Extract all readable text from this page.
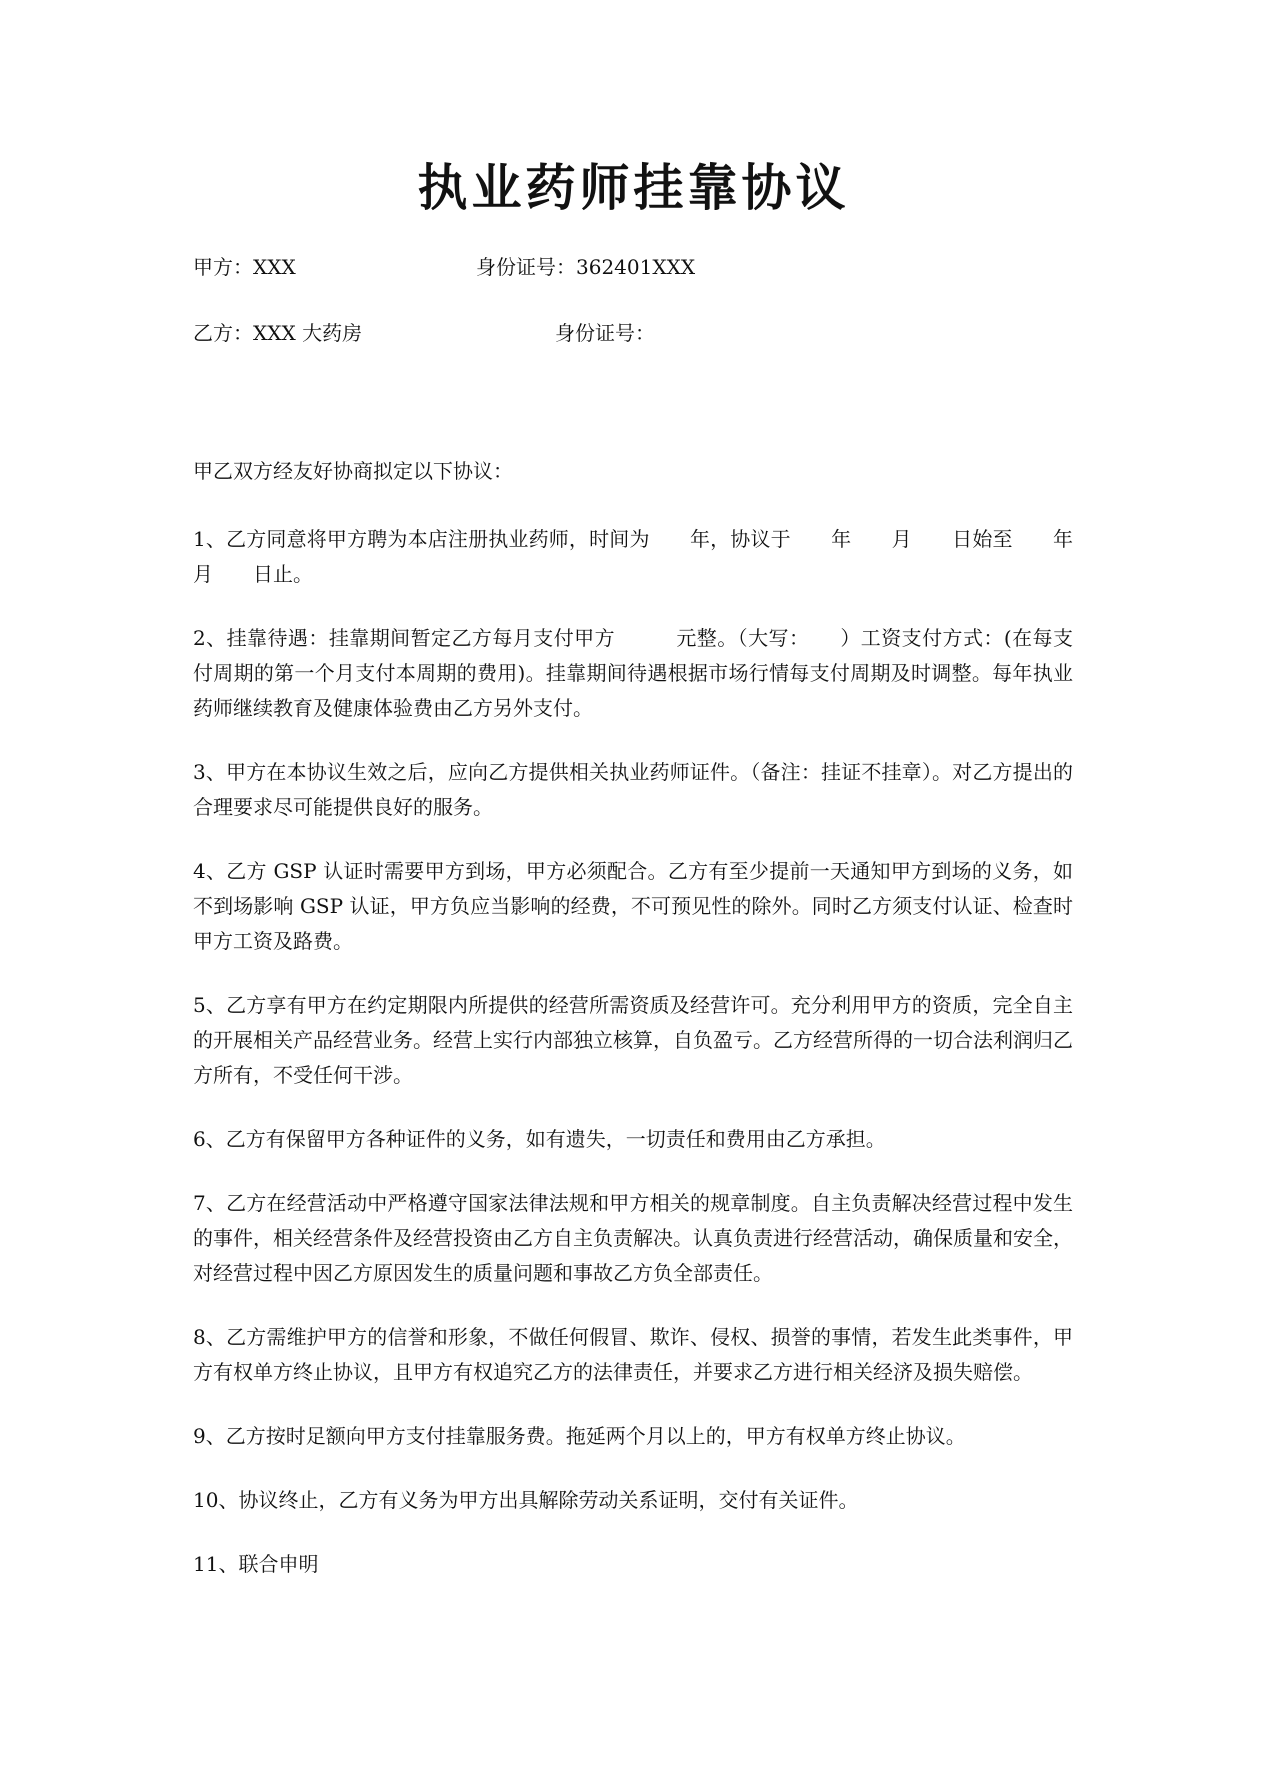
执业药师挂靠协议
甲方：XXX	身份证号：362401XXX
乙方：XXX 大药房	身份证号：
甲乙双方经友好协商拟定以下协议：

1、乙方同意将甲方聘为本店注册执业药师，时间为　　年，协议于　　年　　月　　日始至　　年　　月　　日止。

2、挂靠待遇：挂靠期间暂定乙方每月支付甲方　　　元整。（大写：　　）工资支付方式：(在每支付周期的第一个月支付本周期的费用)。挂靠期间待遇根据市场行情每支付周期及时调整。每年执业药师继续教育及健康体验费由乙方另外支付。

3、甲方在本协议生效之后，应向乙方提供相关执业药师证件。（备注：挂证不挂章）。对乙方提出的合理要求尽可能提供良好的服务。

4、乙方 GSP 认证时需要甲方到场，甲方必须配合。乙方有至少提前一天通知甲方到场的义务，如不到场影响 GSP 认证，甲方负应当影响的经费，不可预见性的除外。同时乙方须支付认证、检查时甲方工资及路费。

5、乙方享有甲方在约定期限内所提供的经营所需资质及经营许可。充分利用甲方的资质，完全自主的开展相关产品经营业务。经营上实行内部独立核算，自负盈亏。乙方经营所得的一切合法利润归乙方所有，不受任何干涉。

6、乙方有保留甲方各种证件的义务，如有遗失，一切责任和费用由乙方承担。

7、乙方在经营活动中严格遵守国家法律法规和甲方相关的规章制度。自主负责解决经营过程中发生的事件，相关经营条件及经营投资由乙方自主负责解决。认真负责进行经营活动，确保质量和安全，对经营过程中因乙方原因发生的质量问题和事故乙方负全部责任。

8、乙方需维护甲方的信誉和形象，不做任何假冒、欺诈、侵权、损誉的事情，若发生此类事件，甲方有权单方终止协议，且甲方有权追究乙方的法律责任，并要求乙方进行相关经济及损失赔偿。

9、乙方按时足额向甲方支付挂靠服务费。拖延两个月以上的，甲方有权单方终止协议。

10、协议终止，乙方有义务为甲方出具解除劳动关系证明，交付有关证件。

11、联合申明
